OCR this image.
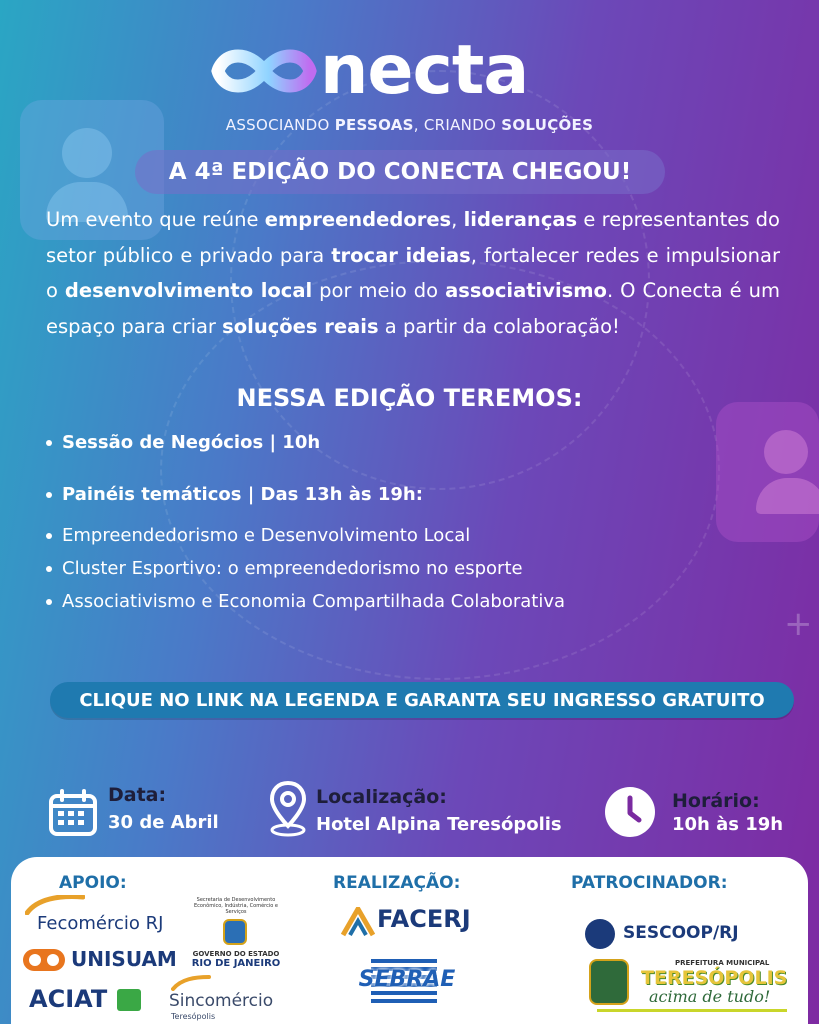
+
necta
ASSOCIANDO PESSOAS, CRIANDO SOLUÇÕES
A 4ª EDIÇÃO DO CONECTA CHEGOU!
Um evento que reúne empreendedores, lideranças e representantes do setor público e privado para trocar ideias, fortalecer redes e impulsionar o desenvolvimento local por meio do associativismo. O Conecta é um espaço para criar soluções reais a partir da colaboração!
NESSA EDIÇÃO TEREMOS:
Sessão de Negócios | 10h
Painéis temáticos | Das 13h às 19h:
Empreendedorismo e Desenvolvimento Local
Cluster Esportivo: o empreendedorismo no esporte
Associativismo e Economia Compartilhada Colaborativa
CLIQUE NO LINK NA LEGENDA E GARANTA SEU INGRESSO GRATUITO
Data:
30 de Abril
Localização:
Hotel Alpina Teresópolis
Horário:
10h às 19h
APOIO:	REALIZAÇÃO:	PATROCINADOR:
Fecomércio RJ
UNISUAM
ACIAT	Sincomércio
Teresópolis
Secretaria de Desenvolvimento Econômico, Indústria, Comércio e Serviços
GOVERNO DO ESTADO
RIO DE JANEIRO
FACERJ
SEBRAE
SESCOOP/RJ
PREFEITURA MUNICIPAL
TERESÓPOLIS
acima de tudo!
